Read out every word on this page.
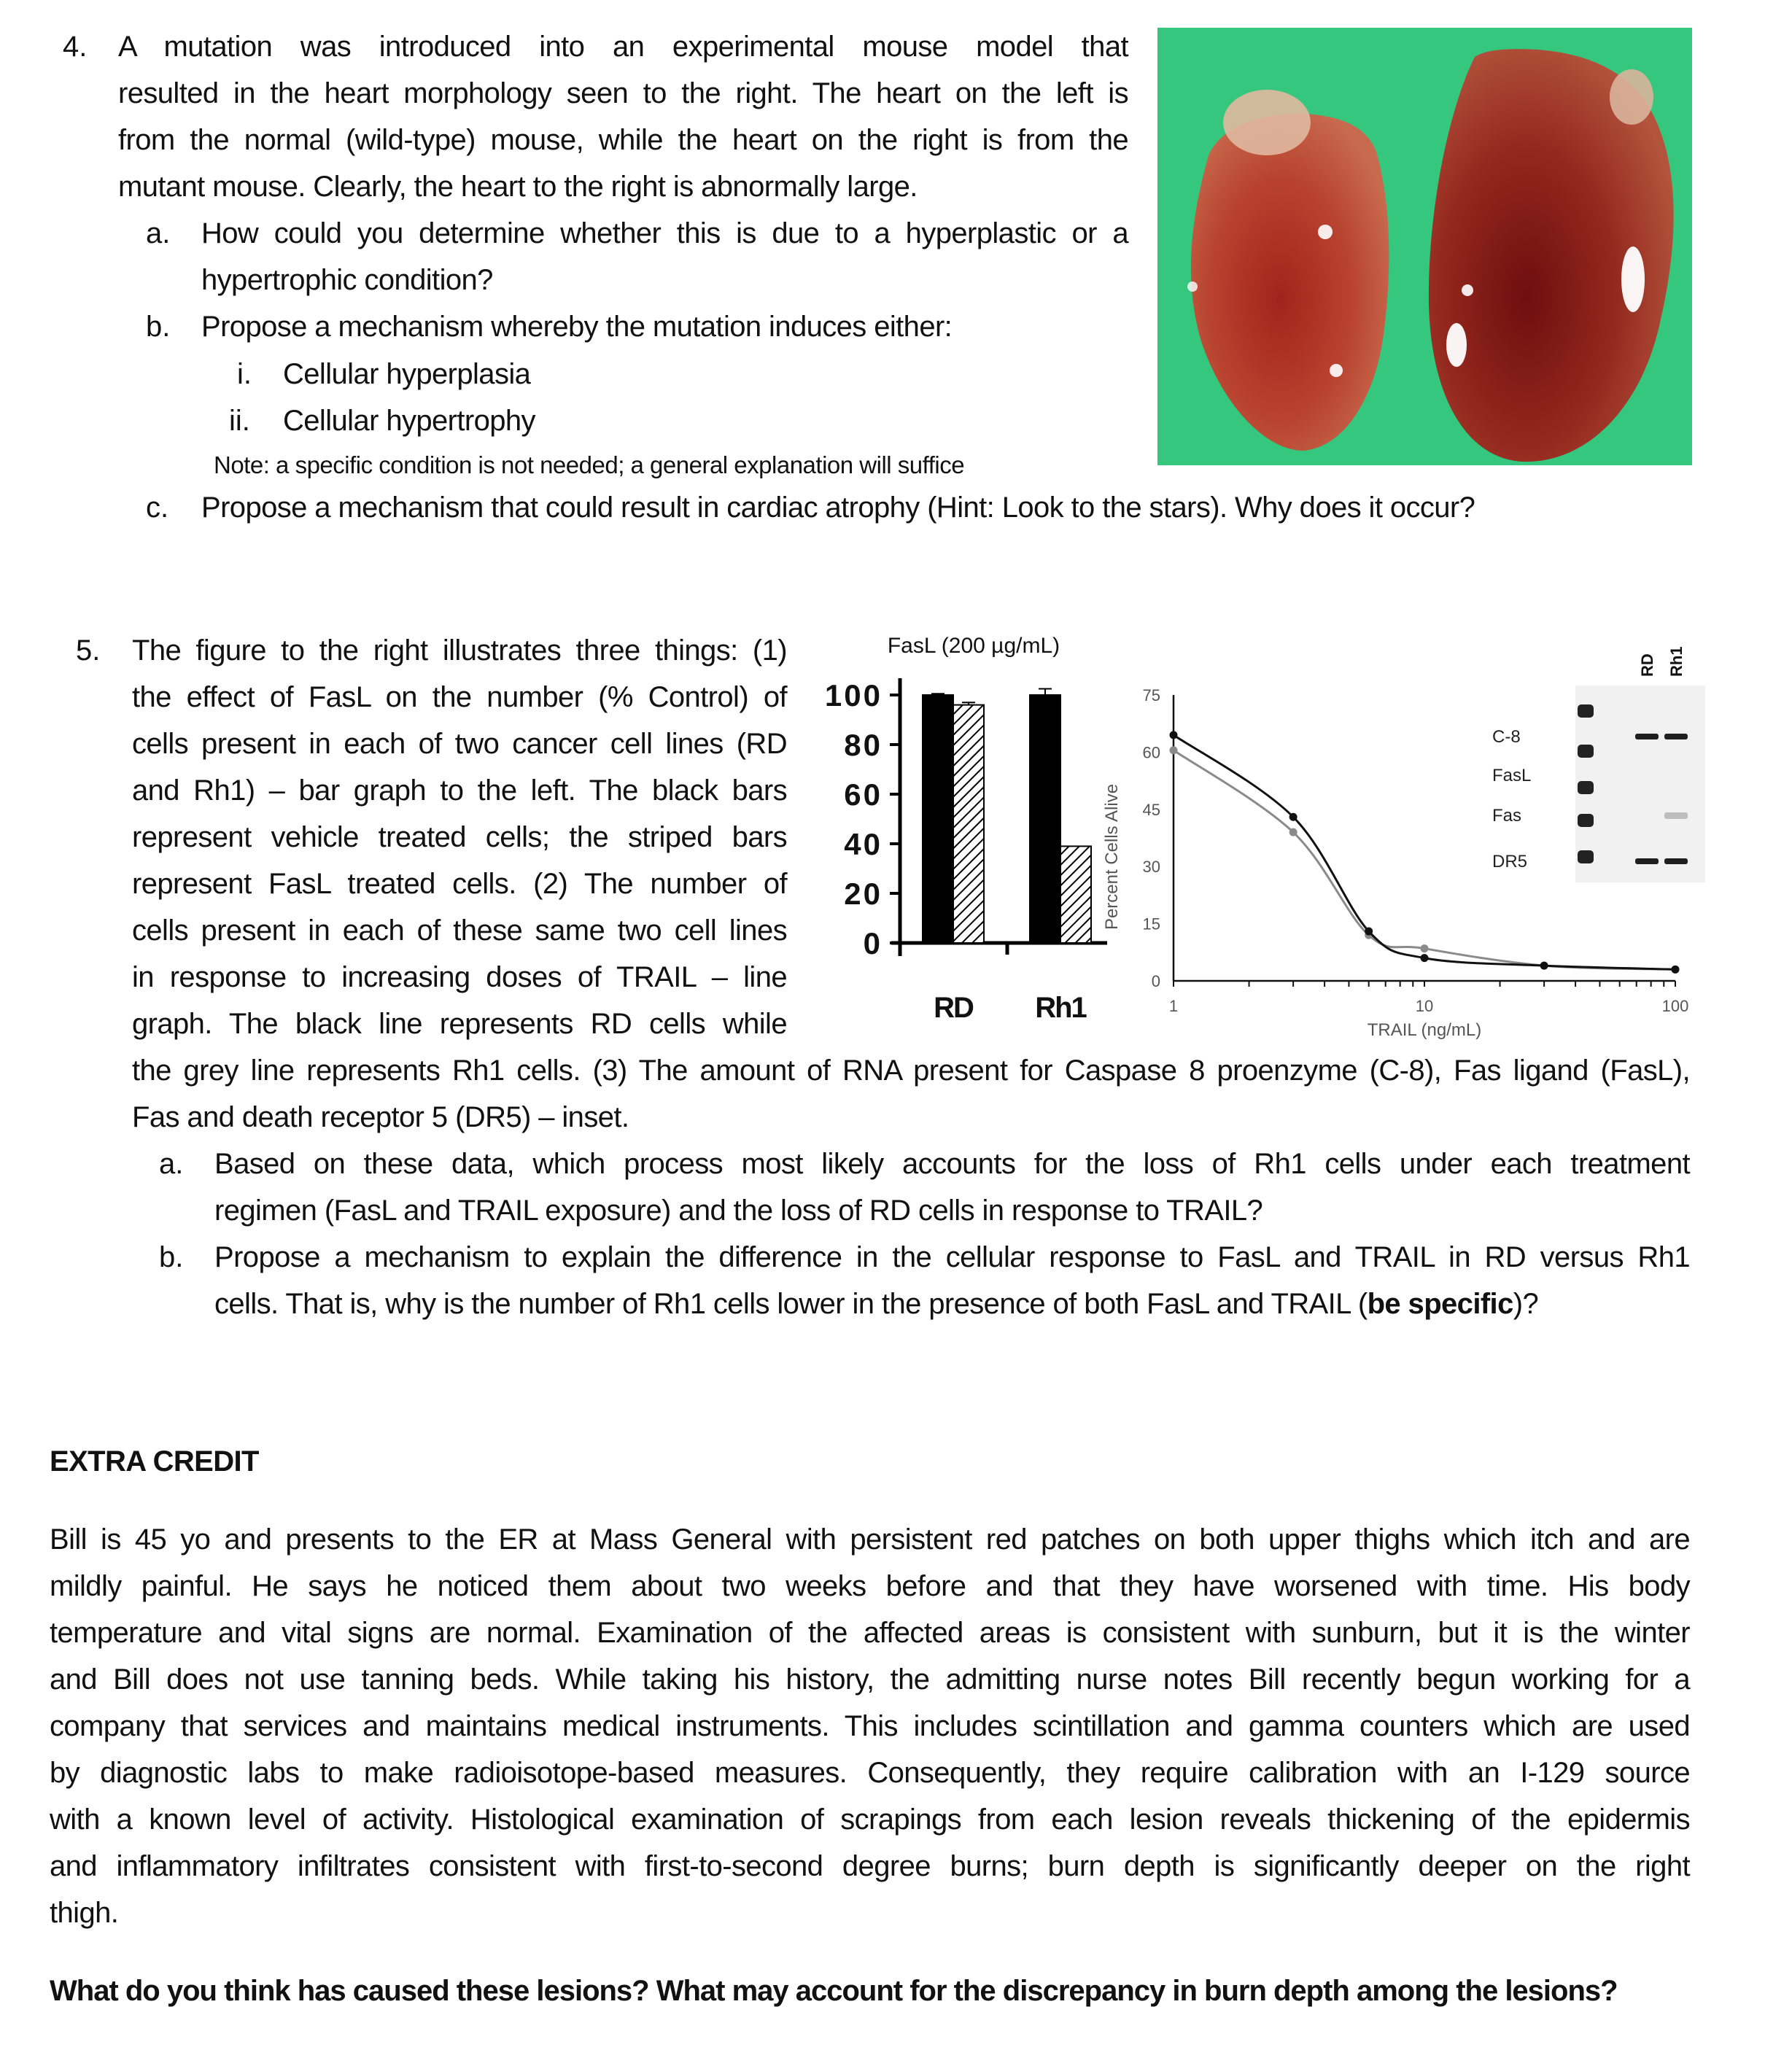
4. A mutation was introduced into an experimental mouse model that
resulted in the heart morphology seen to the right. The heart on the left is
from the normal (wild-type) mouse, while the heart on the right is from the
mutant mouse. Clearly, the heart to the right is abnormally large.
a. How could you determine whether this is due to a hyperplastic or a
hypertrophic condition?
b. Propose a mechanism whereby the mutation induces either:
i. Cellular hyperplasia
ii. Cellular hypertrophy
Note: a specific condition is not needed; a general explanation will suffice
c. Propose a mechanism that could result in cardiac atrophy (Hint: Look to the stars). Why does it occur?
5. The figure to the right illustrates three things: (1)
the effect of FasL on the number (% Control) of
cells present in each of two cancer cell lines (RD
and Rh1) – bar graph to the left. The black bars
represent vehicle treated cells; the striped bars
represent FasL treated cells. (2) The number of
cells present in each of these same two cell lines
in response to increasing doses of TRAIL – line
graph. The black line represents RD cells while
the grey line represents Rh1 cells. (3) The amount of RNA present for Caspase 8 proenzyme (C-8), Fas ligand (FasL),
Fas and death receptor 5 (DR5) – inset.
a. Based on these data, which process most likely accounts for the loss of Rh1 cells under each treatment
regimen (FasL and TRAIL exposure) and the loss of RD cells in response to TRAIL?
b. Propose a mechanism to explain the difference in the cellular response to FasL and TRAIL in RD versus Rh1
cells. That is, why is the number of Rh1 cells lower in the presence of both FasL and TRAIL (be specific)?
FasL (200 µg/mL)
0
20
40
60
80
100
RD Rh1	1	10	100
0
15
30
45
60
75
TRAIL (ng/mL)
Percent Cells Alive
C-8
FasL
Fas
DR5
RD Rh1
EXTRA CREDIT
Bill is 45 yo and presents to the ER at Mass General with persistent red patches on both upper thighs which itch and are
mildly painful. He says he noticed them about two weeks before and that they have worsened with time. His body
temperature and vital signs are normal. Examination of the affected areas is consistent with sunburn, but it is the winter
and Bill does not use tanning beds. While taking his history, the admitting nurse notes Bill recently begun working for a
company that services and maintains medical instruments. This includes scintillation and gamma counters which are used
by diagnostic labs to make radioisotope-based measures. Consequently, they require calibration with an I-129 source
with a known level of activity. Histological examination of scrapings from each lesion reveals thickening of the epidermis
and inflammatory infiltrates consistent with first-to-second degree burns; burn depth is significantly deeper on the right
thigh.
What do you think has caused these lesions? What may account for the discrepancy in burn depth among the lesions?
